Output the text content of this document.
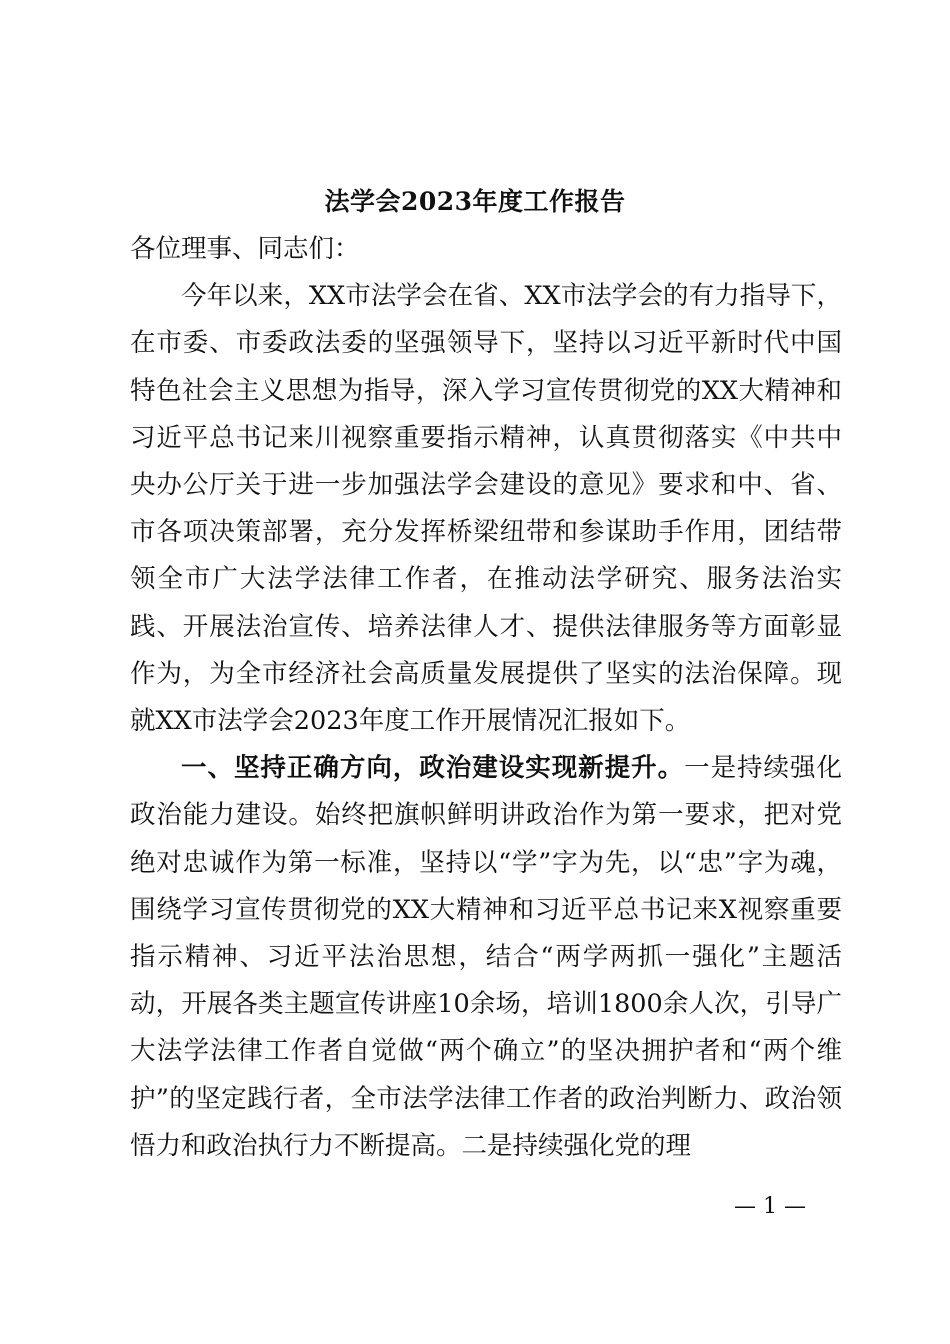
法学会2023年度工作报告

各位理事、同志们：

今年以来，XX市法学会在省、XX市法学会的有力指导下，在市委、市委政法委的坚强领导下，坚持以习近平新时代中国特色社会主义思想为指导，深入学习宣传贯彻党的XX大精神和习近平总书记来川视察重要指示精神，认真贯彻落实《中共中央办公厅关于进一步加强法学会建设的意见》要求和中、省、市各项决策部署，充分发挥桥梁纽带和参谋助手作用，团结带领全市广大法学法律工作者，在推动法学研究、服务法治实践、开展法治宣传、培养法律人才、提供法律服务等方面彰显作为，为全市经济社会高质量发展提供了坚实的法治保障。现就XX市法学会2023年度工作开展情况汇报如下。

一、坚持正确方向，政治建设实现新提升。一是持续强化政治能力建设。始终把旗帜鲜明讲政治作为第一要求，把对党绝对忠诚作为第一标准，坚持以“学”字为先，以“忠”字为魂，围绕学习宣传贯彻党的XX大精神和习近平总书记来X视察重要指示精神、习近平法治思想，结合“两学两抓一强化”主题活动，开展各类主题宣传讲座10余场，培训1800余人次，引导广大法学法律工作者自觉做“两个确立”的坚决拥护者和“两个维护”的坚定践行者，全市法学法律工作者的政治判断力、政治领悟力和政治执行力不断提高。二是持续强化党的理

— 1 —
